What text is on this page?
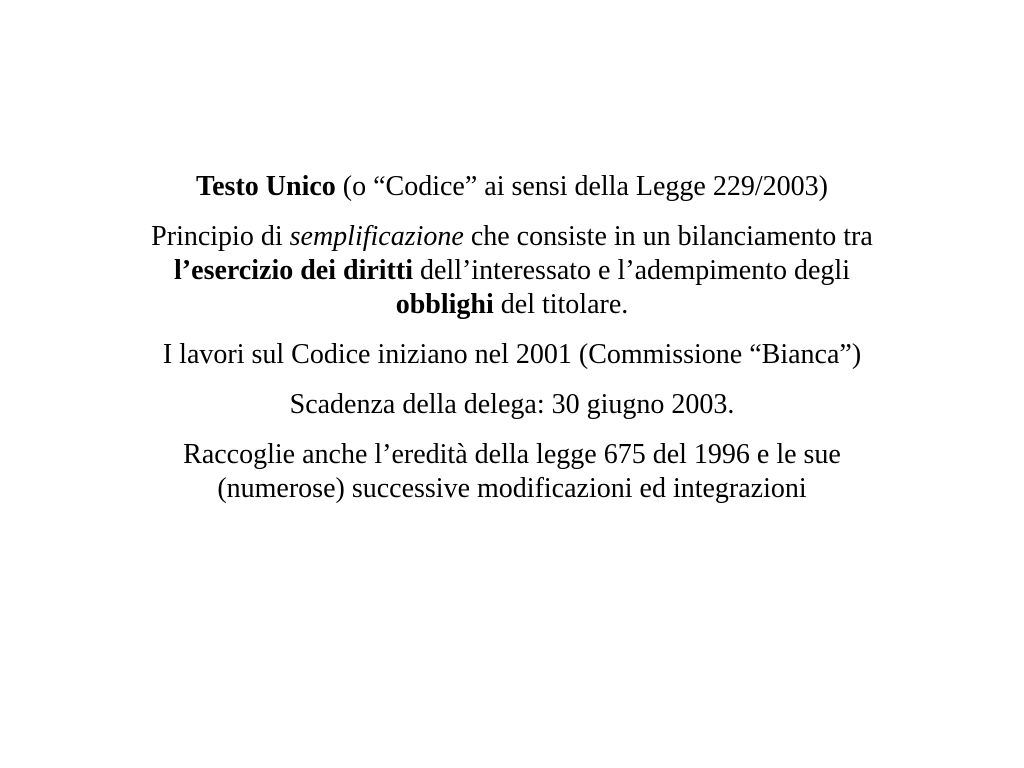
Testo Unico (o “Codice” ai sensi della Legge 229/2003)

Principio di semplificazione che consiste in un bilanciamento tra
l’esercizio dei diritti dell’interessato e l’adempimento degli
obblighi del titolare.

I lavori sul Codice iniziano nel 2001 (Commissione “Bianca”)

Scadenza della delega: 30 giugno 2003.

Raccoglie anche l’eredità della legge 675 del 1996 e le sue
(numerose) successive modificazioni ed integrazioni
